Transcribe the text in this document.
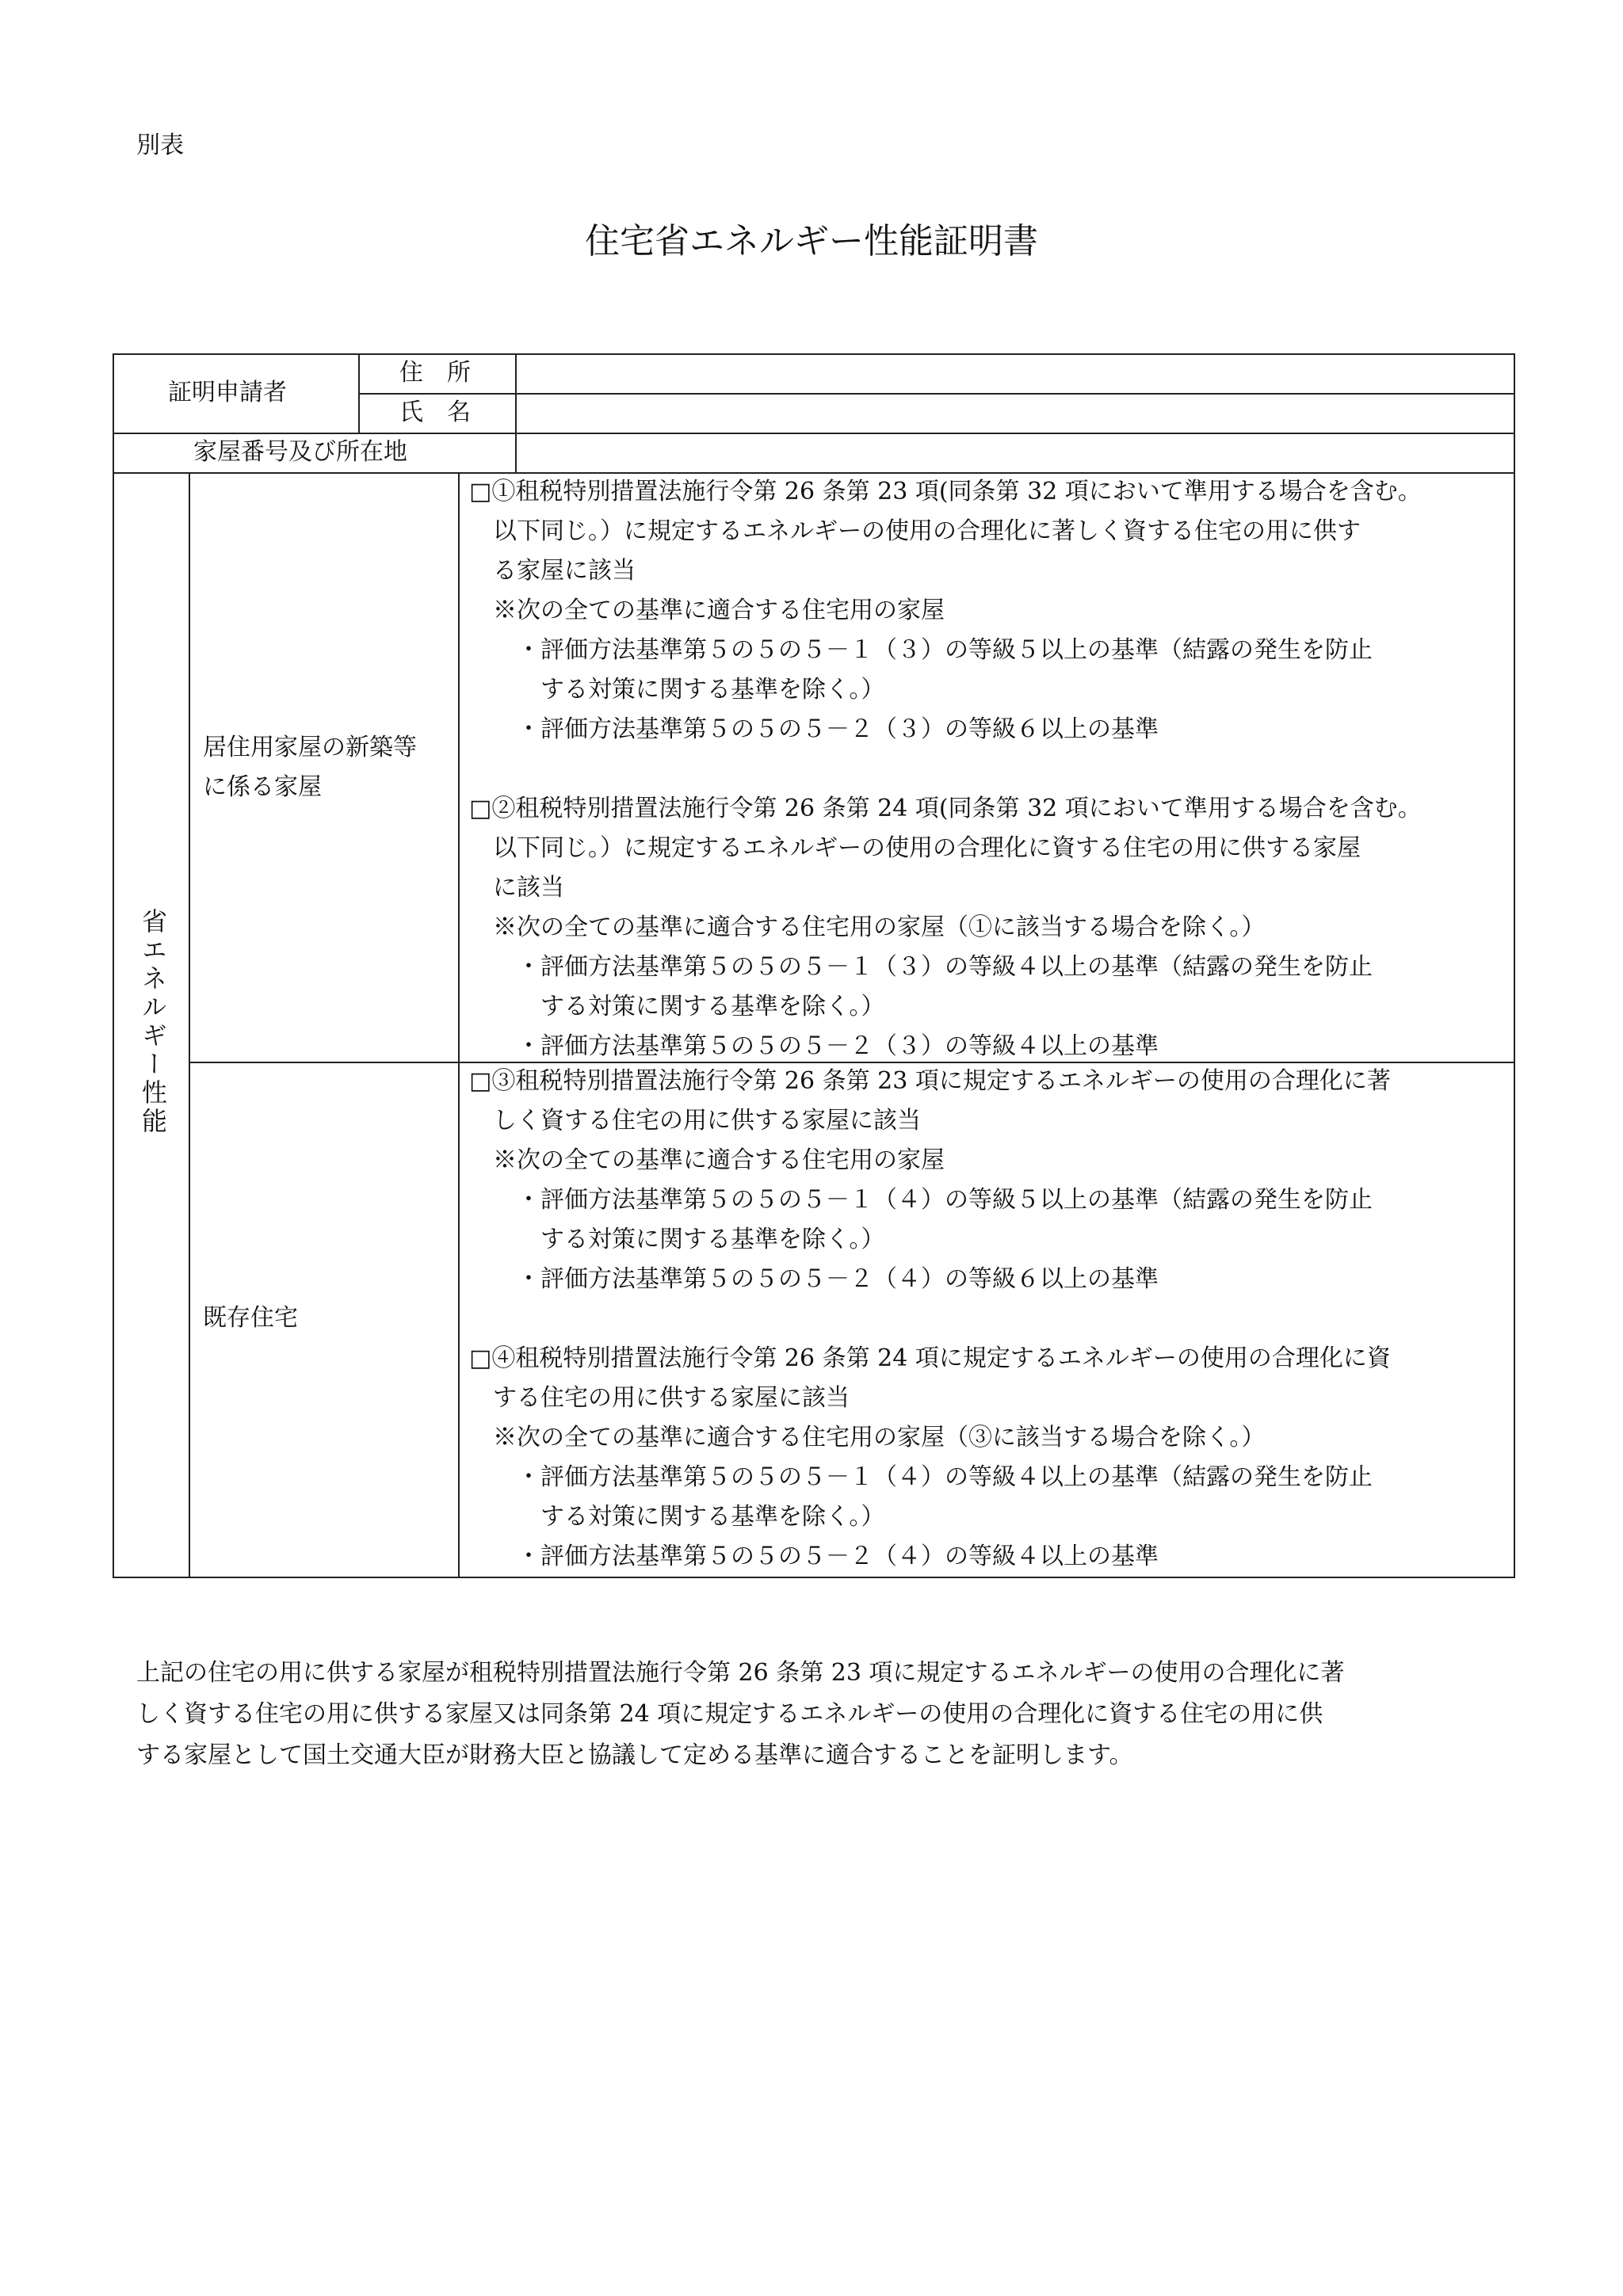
別表
住宅省エネルギー性能証明書
証明申請者
住　所
氏　名
家屋番号及び所在地
省エネルギー性能
居住用家屋の新築等
に係る家屋
既存住宅
□①租税特別措置法施行令第 26 条第 23 項(同条第 32 項において準用する場合を含む。
　以下同じ。）に規定するエネルギーの使用の合理化に著しく資する住宅の用に供す
　る家屋に該当
　※次の全ての基準に適合する住宅用の家屋
　　・評価方法基準第５の５の５－１（３）の等級５以上の基準（結露の発生を防止
　　　する対策に関する基準を除く。）
　　・評価方法基準第５の５の５－２（３）の等級６以上の基準
□②租税特別措置法施行令第 26 条第 24 項(同条第 32 項において準用する場合を含む。
　以下同じ。）に規定するエネルギーの使用の合理化に資する住宅の用に供する家屋
　に該当
　※次の全ての基準に適合する住宅用の家屋（①に該当する場合を除く。）
　　・評価方法基準第５の５の５－１（３）の等級４以上の基準（結露の発生を防止
　　　する対策に関する基準を除く。）
　　・評価方法基準第５の５の５－２（３）の等級４以上の基準
□③租税特別措置法施行令第 26 条第 23 項に規定するエネルギーの使用の合理化に著
　しく資する住宅の用に供する家屋に該当
　※次の全ての基準に適合する住宅用の家屋
　　・評価方法基準第５の５の５－１（４）の等級５以上の基準（結露の発生を防止
　　　する対策に関する基準を除く。）
　　・評価方法基準第５の５の５－２（４）の等級６以上の基準
□④租税特別措置法施行令第 26 条第 24 項に規定するエネルギーの使用の合理化に資
　する住宅の用に供する家屋に該当
　※次の全ての基準に適合する住宅用の家屋（③に該当する場合を除く。）
　　・評価方法基準第５の５の５－１（４）の等級４以上の基準（結露の発生を防止
　　　する対策に関する基準を除く。）
　　・評価方法基準第５の５の５－２（４）の等級４以上の基準
上記の住宅の用に供する家屋が租税特別措置法施行令第 26 条第 23 項に規定するエネルギーの使用の合理化に著
しく資する住宅の用に供する家屋又は同条第 24 項に規定するエネルギーの使用の合理化に資する住宅の用に供
する家屋として国土交通大臣が財務大臣と協議して定める基準に適合することを証明します。
